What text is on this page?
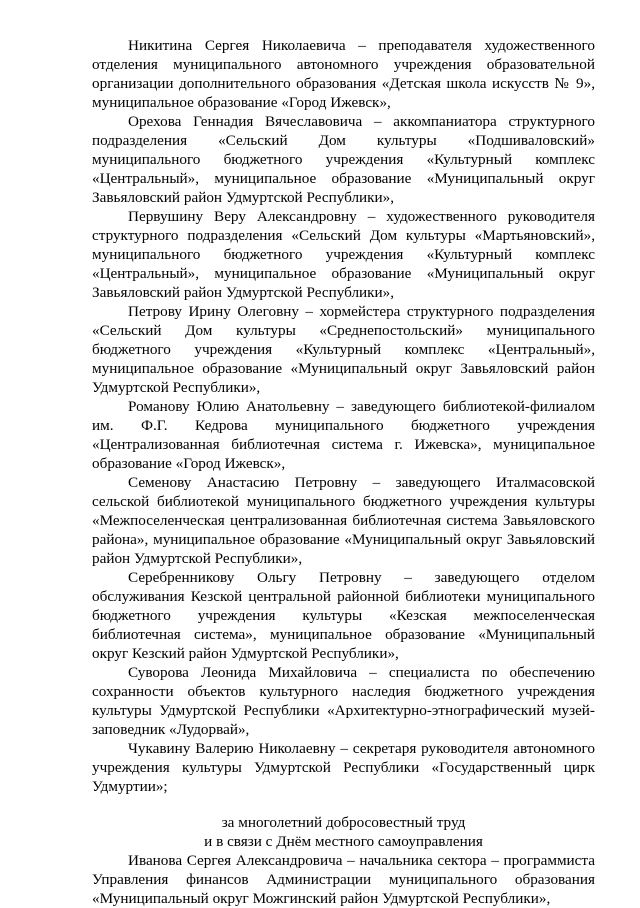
Никитина Сергея Николаевича – преподавателя художественного отделения муниципального автономного учреждения образовательной организации дополнительного образования «Детская школа искусств № 9», муниципальное образование «Город Ижевск»,

Орехова Геннадия Вячеславовича – аккомпаниатора структурного подразделения «Сельский Дом культуры «Подшиваловский» муниципального бюджетного учреждения «Культурный комплекс «Центральный», муниципальное образование «Муниципальный округ Завьяловский район Удмуртской Республики»,

Первушину Веру Александровну – художественного руководителя структурного подразделения «Сельский Дом культуры «Мартьяновский», муниципального бюджетного учреждения «Культурный комплекс «Центральный», муниципальное образование «Муниципальный округ Завьяловский район Удмуртской Республики»,

Петрову Ирину Олеговну – хормейстера структурного подразделения «Сельский Дом культуры «Среднепостольский» муниципального бюджетного учреждения «Культурный комплекс «Центральный», муниципальное образование «Муниципальный округ Завьяловский район Удмуртской Республики»,

Романову Юлию Анатольевну – заведующего библиотекой-филиалом им. Ф.Г. Кедрова муниципального бюджетного учреждения «Централизованная библиотечная система г. Ижевска», муниципальное образование «Город Ижевск»,

Семенову Анастасию Петровну – заведующего Италмасовской сельской библиотекой муниципального бюджетного учреждения культуры «Межпоселенческая централизованная библиотечная система Завьяловского района», муниципальное образование «Муниципальный округ Завьяловский район Удмуртской Республики»,

Серебренникову Ольгу Петровну – заведующего отделом обслуживания Кезской центральной районной библиотеки муниципального бюджетного учреждения культуры «Кезская межпоселенческая библиотечная система», муниципальное образование «Муниципальный округ Кезский район Удмуртской Республики»,

Суворова Леонида Михайловича – специалиста по обеспечению сохранности объектов культурного наследия бюджетного учреждения культуры Удмуртской Республики «Архитектурно-этнографический музей-заповедник «Лудорвай»,

Чукавину Валерию Николаевну – секретаря руководителя автономного учреждения культуры Удмуртской Республики «Государственный цирк Удмуртии»;

за многолетний добросовестный труд

и в связи с Днём местного самоуправления

Иванова Сергея Александровича – начальника сектора – программиста Управления финансов Администрации муниципального образования «Муниципальный округ Можгинский район Удмуртской Республики»,
